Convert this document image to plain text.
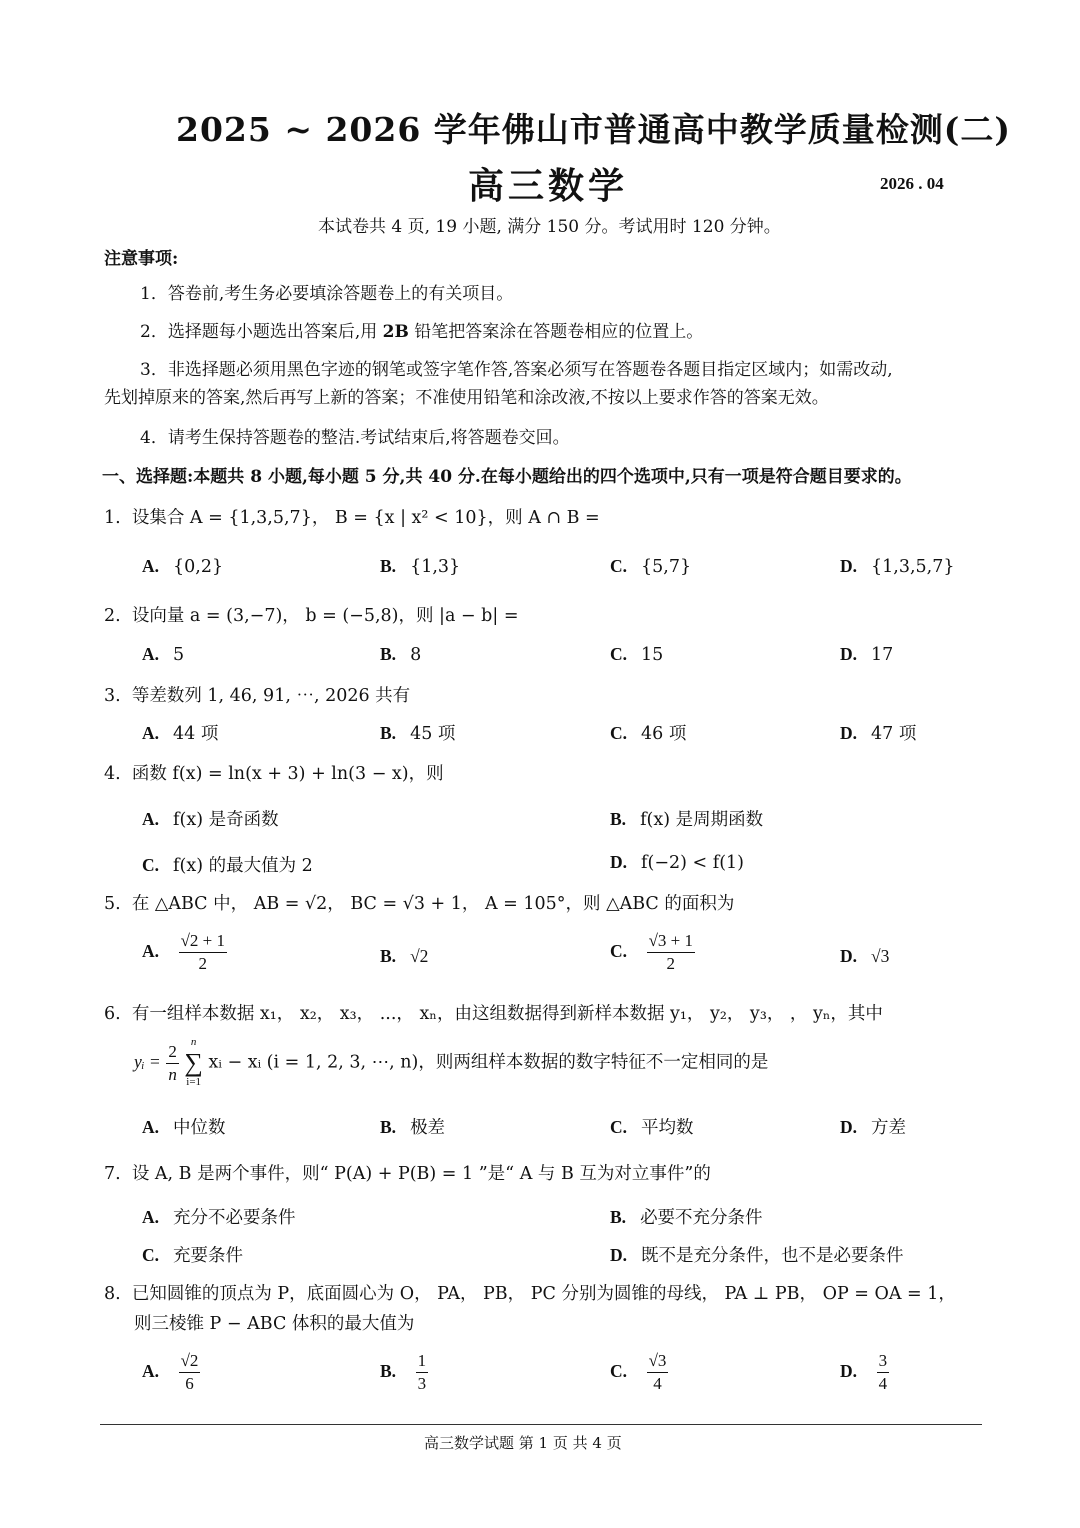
2025 ~ 2026 学年佛山市普通高中教学质量检测(二)
高三数学	2026 . 04
本试卷共 4 页, 19 小题, 满分 150 分。考试用时 120 分钟。
注意事项:
1．答卷前,考生务必要填涂答题卷上的有关项目。
2．选择题每小题选出答案后,用 2B 铅笔把答案涂在答题卷相应的位置上。
3．非选择题必须用黑色字迹的钢笔或签字笔作答,答案必须写在答题卷各题目指定区域内；如需改动,
先划掉原来的答案,然后再写上新的答案；不准使用铅笔和涂改液,不按以上要求作答的答案无效。
4．请考生保持答题卷的整洁.考试结束后,将答题卷交回。
一、选择题:本题共 8 小题,每小题 5 分,共 40 分.在每小题给出的四个选项中,只有一项是符合题目要求的。
1. 设集合 A = {1,3,5,7}， B = {x | x² < 10}，则 A ∩ B =
A. {0,2}	B. {1,3}	C. {5,7}	D. {1,3,5,7}
2. 设向量 a = (3,−7)， b = (−5,8)，则 |a − b| =
A. 5	B. 8	C. 15	D. 17
3. 等差数列 1, 46, 91, ⋯, 2026 共有
A. 44 项	B. 45 项	C. 46 项	D. 47 项
4. 函数 f(x) = ln(x + 3) + ln(3 − x)，则
A. f(x) 是奇函数	B. f(x) 是周期函数
C. f(x) 的最大值为 2	D. f(−2) < f(1)
5. 在 △ABC 中， AB = √2， BC = √3 + 1， A = 105°，则 △ABC 的面积为
A. $\frac{√2 + 1}{2}$	B. √2	C. $\frac{√3 + 1}{2}$	D. √3
6. 有一组样本数据 x₁， x₂， x₃， ...， xₙ，由这组数据得到新样本数据 y₁， y₂， y₃， ， yₙ，其中
yᵢ = $\frac{2}{n}$
	n
∑
i=1
xᵢ − xᵢ (i = 1, 2, 3, ⋯, n)，则两组样本数据的数字特征不一定相同的是
A. 中位数	B. 极差	C. 平均数	D. 方差
7. 设 A, B 是两个事件，则“ P(A) + P(B) = 1 ”是“ A 与 B 互为对立事件”的
A. 充分不必要条件	B. 必要不充分条件
C. 充要条件	D. 既不是充分条件，也不是必要条件
8. 已知圆锥的顶点为 P，底面圆心为 O， PA， PB， PC 分别为圆锥的母线， PA ⊥ PB， OP = OA = 1，
则三棱锥 P − ABC 体积的最大值为
A. $\frac{√2}{6}$	B. $\frac{1}{3}$	C. $\frac{√3}{4}$	D. $\frac{3}{4}$
高三数学试题 第 1 页 共 4 页
